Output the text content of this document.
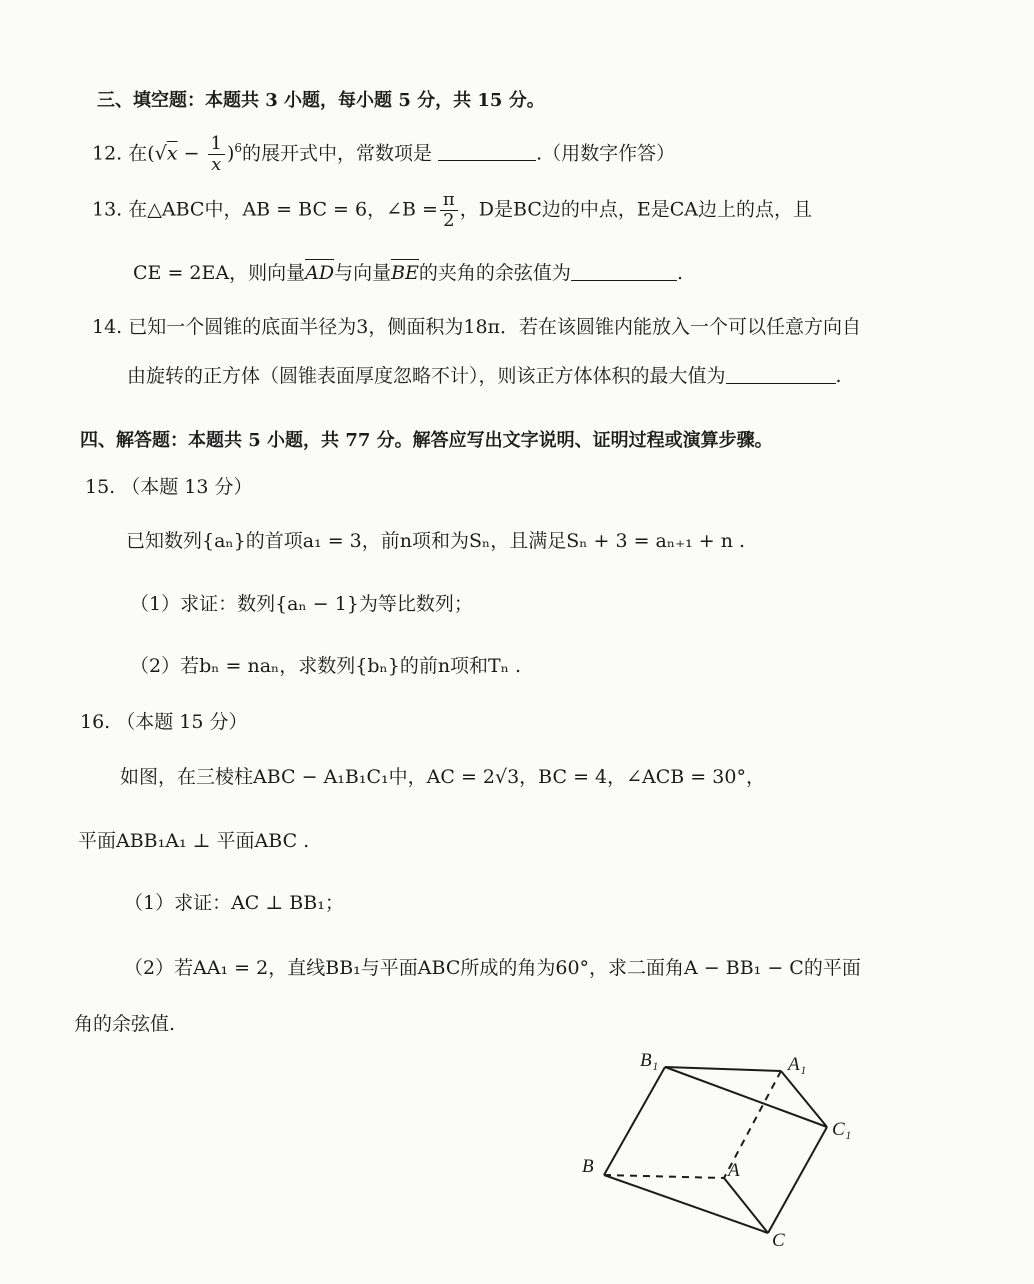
三、填空题：本题共 3 小题，每小题 5 分，共 15 分。
12. 在$(√x - \frac{1}{x} )^6$的展开式中，常数项是	.（用数字作答）
13. 在△ABC中，AB = BC = 6，∠B = $\frac{\pi}{2}$ ，D是BC边的中点，E是CA边上的点，且
CE = 2EA，则向量AD与向量BE的夹角的余弦值为	.
14. 已知一个圆锥的底面半径为3，侧面积为18π．若在该圆锥内能放入一个可以任意方向自
由旋转的正方体（圆锥表面厚度忽略不计），则该正方体体积的最大值为	.
四、解答题：本题共 5 小题，共 77 分。解答应写出文字说明、证明过程或演算步骤。
15. （本题 13 分）
已知数列{aₙ}的首项a₁ = 3，前n项和为Sₙ，且满足Sₙ + 3 = aₙ₊₁ + n .
（1）求证：数列{aₙ − 1}为等比数列；
（2）若bₙ = naₙ，求数列{bₙ}的前n项和Tₙ .
16. （本题 15 分）
如图，在三棱柱ABC − A₁B₁C₁中，AC = 2√3，BC = 4，∠ACB = 30°，
平面ABB₁A₁ ⊥ 平面ABC .
（1）求证：AC ⊥ BB₁；
（2）若AA₁ = 2，直线BB₁与平面ABC所成的角为60°，求二面角A − BB₁ − C的平面
角的余弦值.
B₁	A₁
C₁
B	A
C
